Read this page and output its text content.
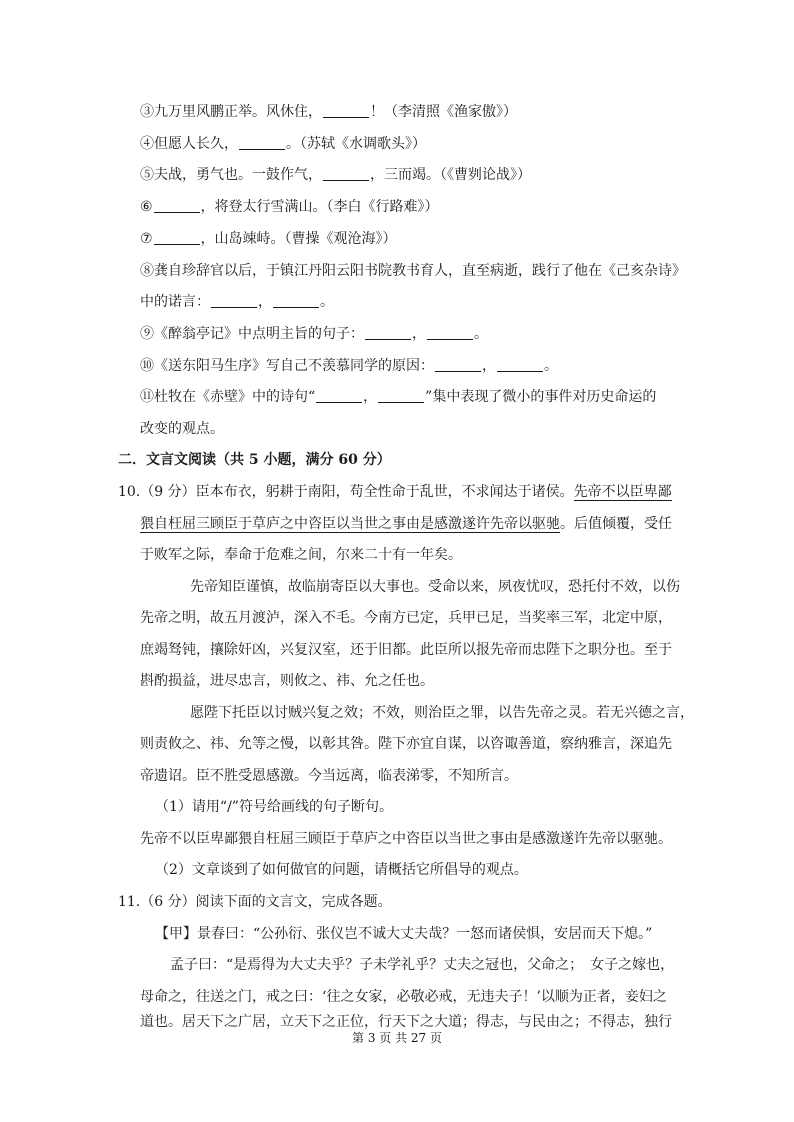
③九万里风鹏正举。风休住，	！（李清照《渔家傲》）
④但愿人长久，	。（苏轼《水调歌头》）
⑤夫战，勇气也。一鼓作气，	，三而竭。（《曹刿论战》）
⑥	，将登太行雪满山。（李白《行路难》）
⑦	，山岛竦峙。（曹操《观沧海》）
⑧龚自珍辞官以后，于镇江丹阳云阳书院教书育人，直至病逝，践行了他在《己亥杂诗》
中的诺言：	，	。
⑨《醉翁亭记》中点明主旨的句子：	，	。
⑩《送东阳马生序》写自己不羡慕同学的原因：	，	。
⑪杜牧在《赤壁》中的诗句“	，	”集中表现了微小的事件对历史命运的
改变的观点。
二．文言文阅读（共 5 小题，满分 60 分）
10.（9 分）臣本布衣，躬耕于南阳，苟全性命于乱世，不求闻达于诸侯。先帝不以臣卑鄙
猥自枉屈三顾臣于草庐之中咨臣以当世之事由是感激遂许先帝以驱驰。后值倾覆，受任
于败军之际，奉命于危难之间，尔来二十有一年矣。
先帝知臣谨慎，故临崩寄臣以大事也。受命以来，夙夜忧叹，恐托付不效，以伤
先帝之明，故五月渡泸，深入不毛。今南方已定，兵甲已足，当奖率三军，北定中原，
庶竭驽钝，攘除奸凶，兴复汉室，还于旧都。此臣所以报先帝而忠陛下之职分也。至于
斟酌损益，进尽忠言，则攸之、祎、允之任也。
愿陛下托臣以讨贼兴复之效；不效，则治臣之罪，以告先帝之灵。若无兴德之言，
则责攸之、祎、允等之慢，以彰其咎。陛下亦宜自谋，以咨诹善道，察纳雅言，深追先
帝遗诏。臣不胜受恩感激。今当远离，临表涕零，不知所言。
（1）请用“/”符号给画线的句子断句。
先帝不以臣卑鄙猥自枉屈三顾臣于草庐之中咨臣以当世之事由是感激遂许先帝以驱驰。
（2）文章谈到了如何做官的问题，请概括它所倡导的观点。
11.（6 分）阅读下面的文言文，完成各题。
【甲】景春曰：“公孙衍、张仪岂不诚大丈夫哉？一怒而诸侯惧，安居而天下熄。”
孟子曰：“是焉得为大丈夫乎？子未学礼乎？丈夫之冠也，父命之；　女子之嫁也，
母命之，往送之门，戒之曰：‘往之女家，必敬必戒，无违夫子！’以顺为正者，妾妇之
道也。居天下之广居，立天下之正位，行天下之大道；得志，与民由之；不得志，独行
第 3 页 共 27 页
